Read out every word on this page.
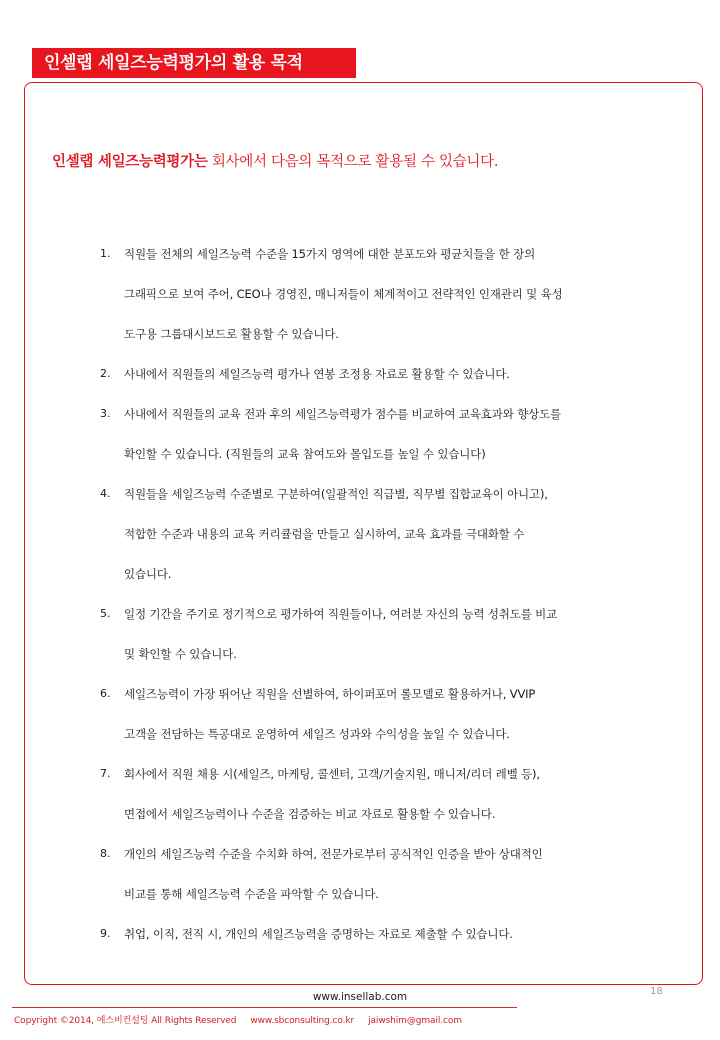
인셀랩 세일즈능력평가의 활용 목적
인셀랩 세일즈능력평가는 회사에서 다음의 목적으로 활용될 수 있습니다.
1. 직원들 전체의 세일즈능력 수준을 15가지 영역에 대한 분포도와 평균치들을 한 장의
그래픽으로 보여 주어, CEO나 경영진, 매니저들이 체계적이고 전략적인 인재관리 및 육성
도구용 그룹대시보드로 활용할 수 있습니다.
2. 사내에서 직원들의 세일즈능력 평가나 연봉 조정용 자료로 활용할 수 있습니다.
3. 사내에서 직원들의 교육 전과 후의 세일즈능력평가 점수를 비교하여 교육효과와 향상도를
확인할 수 있습니다. (직원들의 교육 참여도와 몰입도를 높일 수 있습니다)
4. 직원들을 세일즈능력 수준별로 구분하여(일괄적인 직급별, 직무별 집합교육이 아니고),
적합한 수준과 내용의 교육 커리큘럼을 만들고 실시하여, 교육 효과를 극대화할 수
있습니다.
5. 일정 기간을 주기로 정기적으로 평가하여 직원들이나, 여러분 자신의 능력 성취도를 비교
및 확인할 수 있습니다.
6. 세일즈능력이 가장 뛰어난 직원을 선별하여, 하이퍼포머 롤모델로 활용하거나, VVIP
고객을 전담하는 특공대로 운영하여 세일즈 성과와 수익성을 높일 수 있습니다.
7. 회사에서 직원 채용 시(세일즈, 마케팅, 콜센터, 고객/기술지원, 매니저/리더 레벨 등),
면접에서 세일즈능력이나 수준을 검증하는 비교 자료로 활용할 수 있습니다.
8. 개인의 세일즈능력 수준을 수치화 하여, 전문가로부터 공식적인 인증을 받아 상대적인
비교를 통해 세일즈능력 수준을 파악할 수 있습니다.
9. 취업, 이직, 전직 시, 개인의 세일즈능력을 증명하는 자료로 제출할 수 있습니다.
18
www.insellab.com
Copyright ©2014, 에스비컨설팅 All Rights Reserved www.sbconsulting.co.kr jaiwshim@gmail.com
